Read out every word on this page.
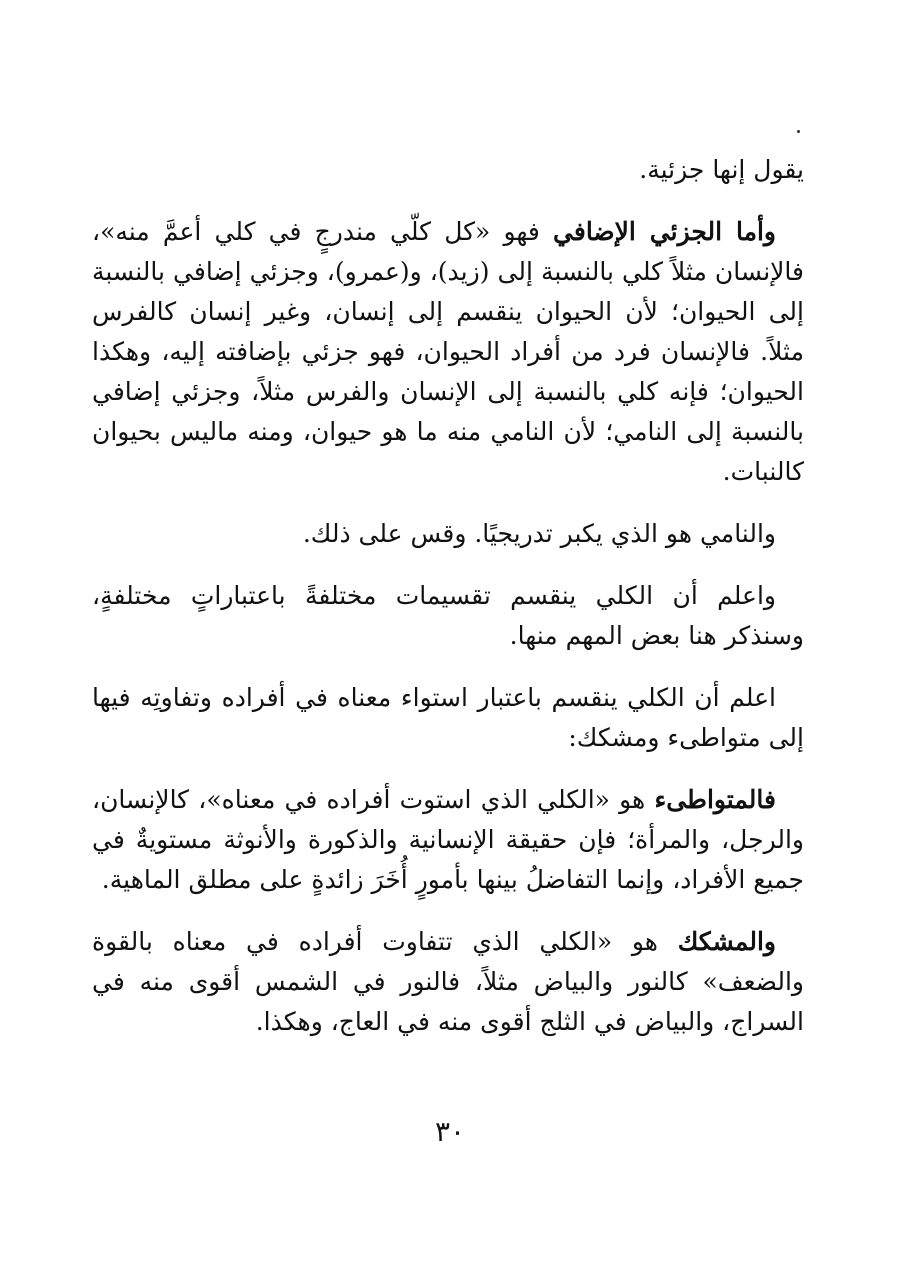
يقول إنها جزئية.

وأما الجزئي الإضافي فهو «كل كلّي مندرجٍ في كلي أعمَّ منه»، فالإنسان مثلاً كلي بالنسبة إلى (زيد)، و(عمرو)، وجزئي إضافي بالنسبة إلى الحيوان؛ لأن الحيوان ينقسم إلى إنسان، وغير إنسان كالفرس مثلاً. فالإنسان فرد من أفراد الحيوان، فهو جزئي بإضافته إليه، وهكذا الحيوان؛ فإنه كلي بالنسبة إلى الإنسان والفرس مثلاً، وجزئي إضافي بالنسبة إلى النامي؛ لأن النامي منه ما هو حيوان، ومنه ماليس بحيوان كالنبات.

والنامي هو الذي يكبر تدريجيًا. وقس على ذلك.

واعلم أن الكلي ينقسم تقسيمات مختلفةً باعتباراتٍ مختلفةٍ، وسنذكر هنا بعض المهم منها.

اعلم أن الكلي ينقسم باعتبار استواء معناه في أفراده وتفاوتِه فيها إلى متواطىء ومشكك:

فالمتواطىء هو «الكلي الذي استوت أفراده في معناه»، كالإنسان، والرجل، والمرأة؛ فإن حقيقة الإنسانية والذكورة والأنوثة مستويةٌ في جميع الأفراد، وإنما التفاضلُ بينها بأمورٍ أُخَرَ زائدةٍ على مطلق الماهية.

والمشكك هو «الكلي الذي تتفاوت أفراده في معناه بالقوة والضعف» كالنور والبياض مثلاً، فالنور في الشمس أقوى منه في السراج، والبياض في الثلج أقوى منه في العاج، وهكذا.

٣٠
